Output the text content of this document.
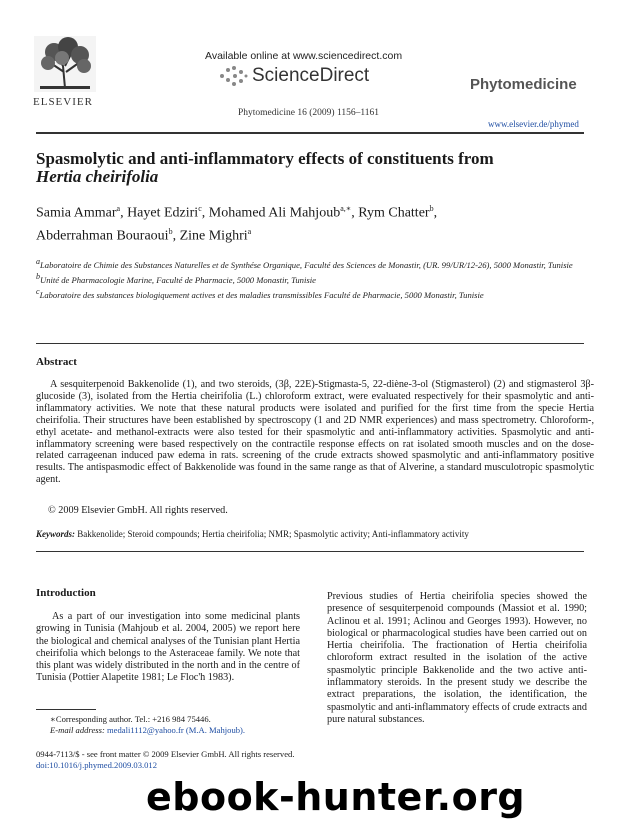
ELSEVIER
Available online at www.sciencedirect.com
ScienceDirect
Phytomedicine 16 (2009) 1156–1161
Phytomedicine
www.elsevier.de/phymed
Spasmolytic and anti-inflammatory effects of constituents from
Hertia cheirifolia
Samia Ammar$^a$, Hayet Edziri$^c$, Mohamed Ali Mahjoub$^{a,∗}$, Rym Chatter$^b$,
Abderrahman Bouraoui$^b$, Zine Mighri$^a$
$^a$Laboratoire de Chimie des Substances Naturelles et de Synthése Organique, Faculté des Sciences de Monastir, (UR. 99/UR/12-26), 5000 Monastir, Tunisie
$^b$Unité de Pharmacologie Marine, Faculté de Pharmacie, 5000 Monastir, Tunisie
$^c$Laboratoire des substances biologiquement actives et des maladies transmissibles Faculté de Pharmacie, 5000 Monastir, Tunisie
Abstract

A sesquiterpenoid Bakkenolide (1), and two steroids, (3β, 22E)-Stigmasta-5, 22-diène-3-ol (Stigmasterol) (2) and stigmasterol 3β-glucoside (3), isolated from the Hertia cheirifolia (L.) chloroform extract, were evaluated respectively for their spasmolytic and anti-inflammatory activities. We note that these natural products were isolated and purified for the first time from the specie Hertia cheirifolia. Their structures have been established by spectroscopy (1 and 2D NMR experiences) and mass spectrometry. Chloroform-, ethyl acetate- and methanol-extracts were also tested for their spasmolytic and anti-inflammatory activities. Spasmolytic and anti-inflammatory screening were based respectively on the contractile response effects on rat isolated smooth muscles and on the dose-related carrageenan induced paw edema in rats. screening of the crude extracts showed spasmolytic and anti-inflammatory positive results. The antispasmodic effect of Bakkenolide was found in the same range as that of Alverine, a standard musculotropic spasmolytic agent.

© 2009 Elsevier GmbH. All rights reserved.
Keywords: Bakkenolide; Steroid compounds; Hertia cheirifolia; NMR; Spasmolytic activity; Anti-inflammatory activity
Introduction

As a part of our investigation into some medicinal plants growing in Tunisia (Mahjoub et al. 2004, 2005) we report here the biological and chemical analyses of the Tunisian plant Hertia cheirifolia which belongs to the Asteraceae family. We note that this plant was widely distributed in the north and in the centre of Tunisia (Pottier Alapetite 1981; Le Floc'h 1983).

Previous studies of Hertia cheirifolia species showed the presence of sesquiterpenoid compounds (Massiot et al. 1990; Aclinou et al. 1991; Aclinou and Georges 1993). However, no biological or pharmacological studies have been carried out on Hertia cheirifolia. The fractionation of Hertia cheirifolia chloroform extract resulted in the isolation of the active spasmolytic principle Bakkenolide and the two active anti-inflammatory steroids. In the present study we describe the extract preparations, the isolation, the identification, the spasmolytic and anti-inflammatory effects of crude extracts and pure natural substances.

∗Corresponding author. Tel.: +216 984 75446.
E-mail address: medali1112@yahoo.fr (M.A. Mahjoub).
0944-7113/$ - see front matter © 2009 Elsevier GmbH. All rights reserved.
doi:10.1016/j.phymed.2009.03.012
ebook-hunter.org
